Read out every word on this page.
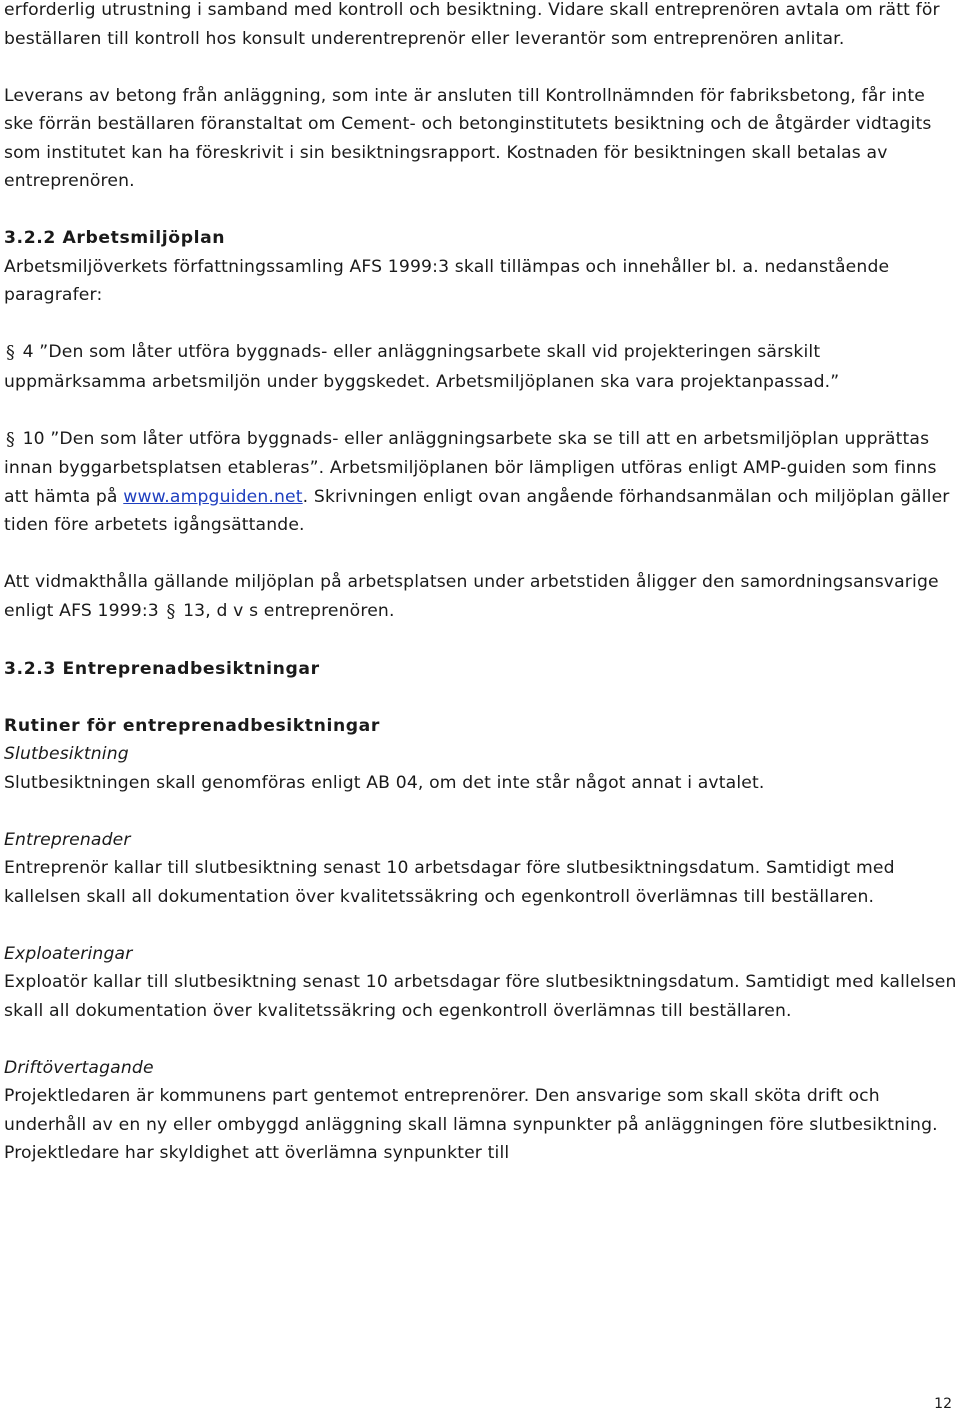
erforderlig utrustning i samband med kontroll och besiktning. Vidare skall entreprenören avtala om rätt för beställaren till kontroll hos konsult underentreprenör eller leverantör som entreprenören anlitar.

Leverans av betong från anläggning, som inte är ansluten till Kontrollnämnden för fabriksbetong, får inte ske förrän beställaren föranstaltat om Cement- och betonginstitutets besiktning och de åtgärder vidtagits som institutet kan ha föreskrivit i sin besiktningsrapport. Kostnaden för besiktningen skall betalas av entreprenören.

3.2.2 Arbetsmiljöplan

Arbetsmiljöverkets författningssamling AFS 1999:3 skall tillämpas och innehåller bl. a. nedanstående paragrafer:

§ 4 ”Den som låter utföra byggnads- eller anläggningsarbete skall vid projekteringen särskilt uppmärksamma arbetsmiljön under byggskedet. Arbetsmiljöplanen ska vara projektanpassad.”

§ 10 ”Den som låter utföra byggnads- eller anläggningsarbete ska se till att en arbetsmiljöplan upprättas innan byggarbetsplatsen etableras”. Arbetsmiljöplanen bör lämpligen utföras enligt AMP-guiden som finns att hämta på www.ampguiden.net. Skrivningen enligt ovan angående förhandsanmälan och miljöplan gäller tiden före arbetets igångsättande.

Att vidmakthålla gällande miljöplan på arbetsplatsen under arbetstiden åligger den samordningsansvarige enligt AFS 1999:3 § 13, d v s entreprenören.

3.2.3 Entreprenadbesiktningar

Rutiner för entreprenadbesiktningar

Slutbesiktning

Slutbesiktningen skall genomföras enligt AB 04, om det inte står något annat i avtalet.

Entreprenader

Entreprenör kallar till slutbesiktning senast 10 arbetsdagar före slutbesiktningsdatum. Samtidigt med kallelsen skall all dokumentation över kvalitetssäkring och egenkontroll överlämnas till beställaren.

Exploateringar

Exploatör kallar till slutbesiktning senast 10 arbetsdagar före slutbesiktningsdatum. Samtidigt med kallelsen skall all dokumentation över kvalitetssäkring och egenkontroll överlämnas till beställaren.

Driftövertagande

Projektledaren är kommunens part gentemot entreprenörer. Den ansvarige som skall sköta drift och underhåll av en ny eller ombyggd anläggning skall lämna synpunkter på anläggningen före slutbesiktning. Projektledare har skyldighet att överlämna synpunkter till

12
